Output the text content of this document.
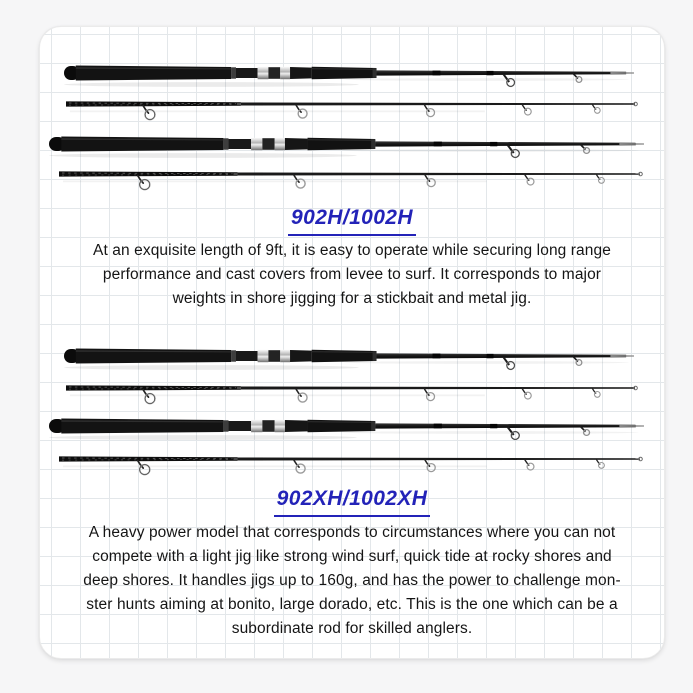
902H/1002H
At an exquisite length of 9ft, it is easy to operate while securing long range
performance and cast covers from levee to surf. It corresponds to major
weights in shore jigging for a stickbait and metal jig.
902XH/1002XH
A heavy power model that corresponds to circumstances where you can not
compete with a light jig like strong wind surf, quick tide at rocky shores and
deep shores. It handles jigs up to 160g, and has the power to challenge mon-
ster hunts aiming at bonito, large dorado, etc. This is the one which can be a
subordinate rod for skilled anglers.
